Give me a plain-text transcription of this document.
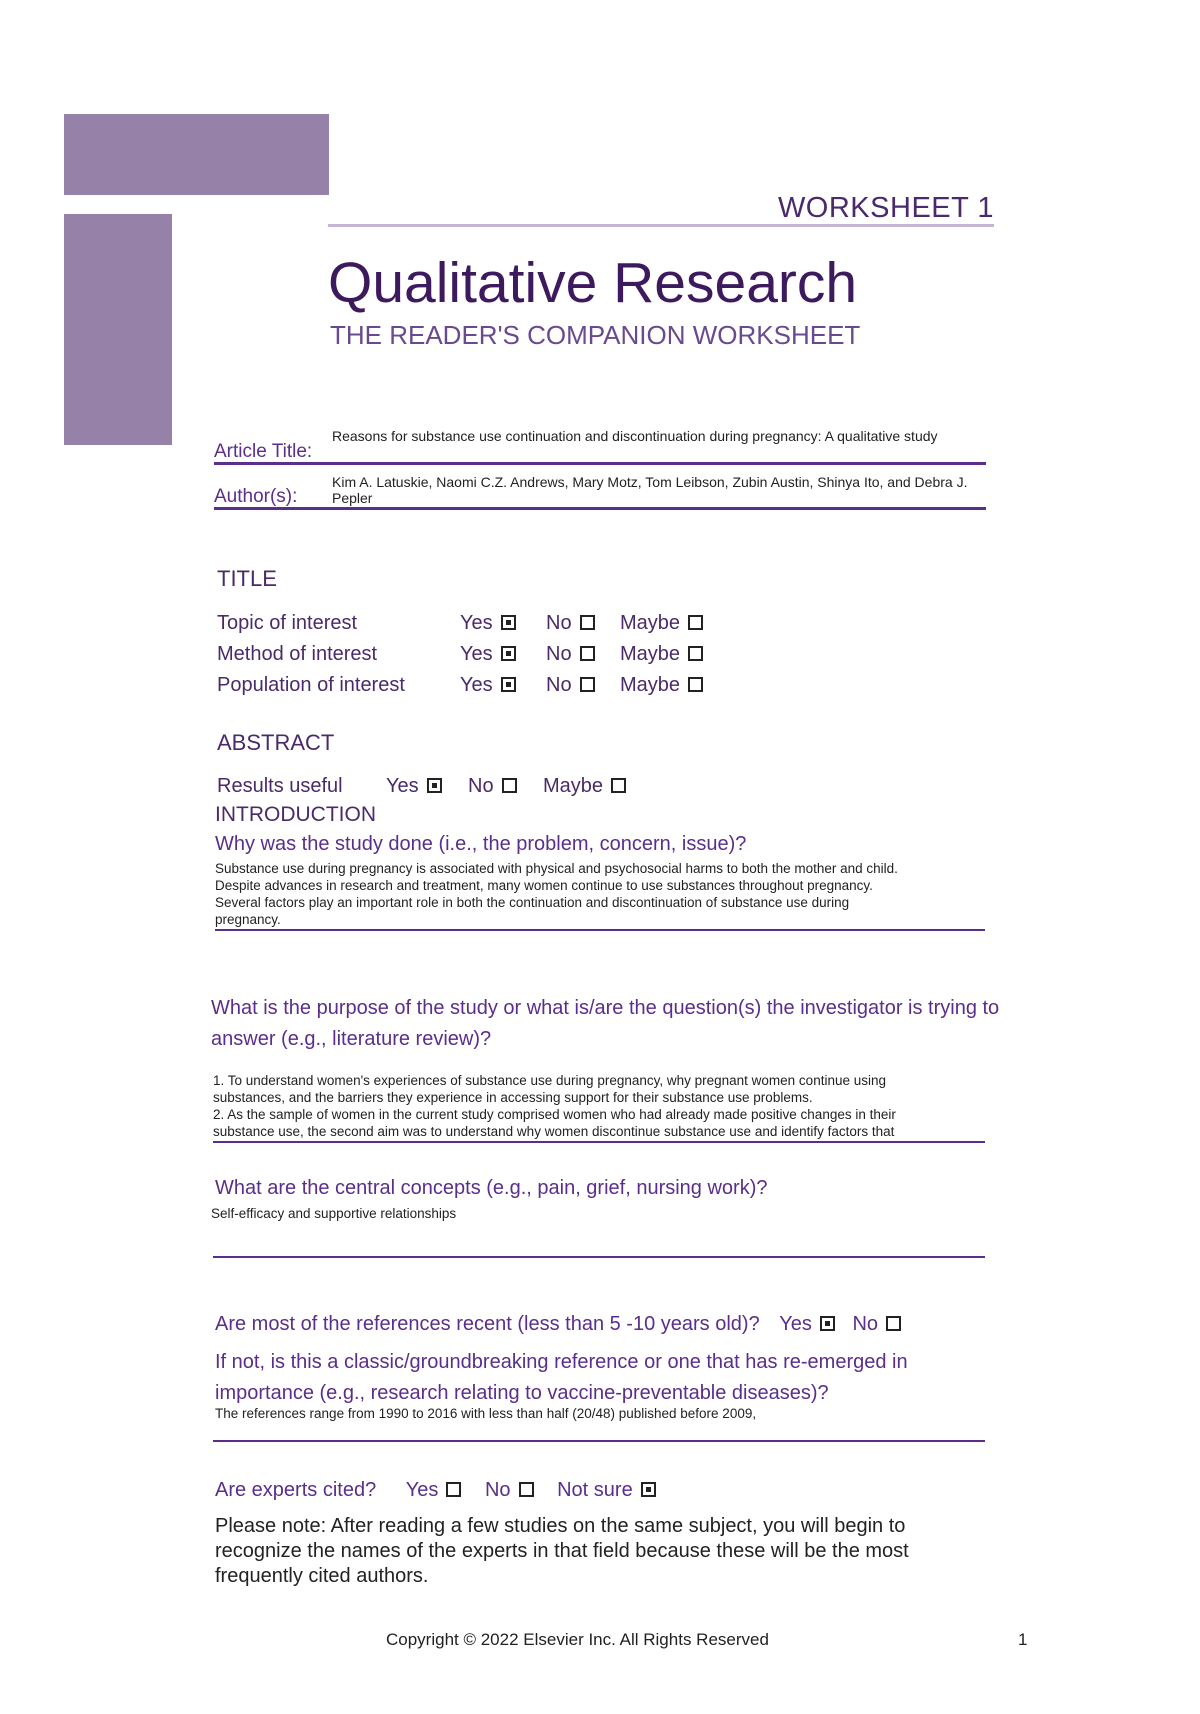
WORKSHEET 1
Qualitative Research
THE READER'S COMPANION WORKSHEET
Article Title:
Reasons for substance use continuation and discontinuation during pregnancy: A qualitative study
Author(s):
Kim A. Latuskie, Naomi C.Z. Andrews, Mary Motz, Tom Leibson, Zubin Austin, Shinya Ito, and Debra J. Pepler
TITLE
Topic of interest	Yes	No	Maybe
Method of interest	Yes	No	Maybe
Population of interest	Yes	No	Maybe
ABSTRACT
Results useful Yes	No	Maybe
INTRODUCTION
Why was the study done (i.e., the problem, concern, issue)?
Substance use during pregnancy is associated with physical and psychosocial harms to both the mother and child.
Despite advances in research and treatment, many women continue to use substances throughout pregnancy.
Several factors play an important role in both the continuation and discontinuation of substance use during
pregnancy.
What is the purpose of the study or what is/are the question(s) the investigator is trying to answer (e.g., literature review)?
1. To understand women's experiences of substance use during pregnancy, why pregnant women continue using
substances, and the barriers they experience in accessing support for their substance use problems.
2. As the sample of women in the current study comprised women who had already made positive changes in their
substance use, the second aim was to understand why women discontinue substance use and identify factors that
What are the central concepts (e.g., pain, grief, nursing work)?
Self-efficacy and supportive relationships
Are most of the references recent (less than 5 -10 years old)? Yes No
If not, is this a classic/groundbreaking reference or one that has re-emerged in importance (e.g., research relating to vaccine-preventable diseases)?
The references range from 1990 to 2016 with less than half (20/48) published before 2009,
Are experts cited? Yes No Not sure
Please note: After reading a few studies on the same subject, you will begin to recognize the names of the experts in that field because these will be the most frequently cited authors.
Copyright © 2022 Elsevier Inc. All Rights Reserved	1
